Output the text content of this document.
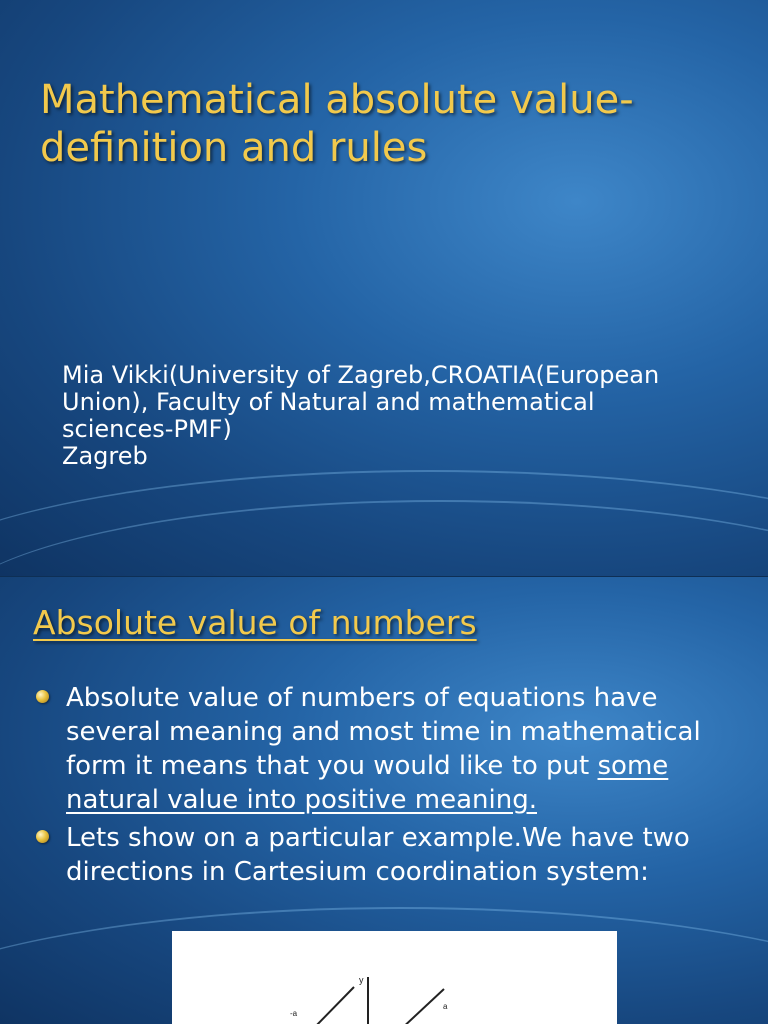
Mathematical absolute value-
definition and rules
Mia Vikki(University of Zagreb,CROATIA(European
Union), Faculty of Natural and mathematical
sciences-PMF)
Zagreb
Absolute value of numbers
Absolute value of numbers of equations have
several meaning and most time in mathematical
form it means that you would like to put some
natural value into positive meaning.
Lets show on a particular example.We have two
directions in Cartesium coordination system:
y
-a
a
